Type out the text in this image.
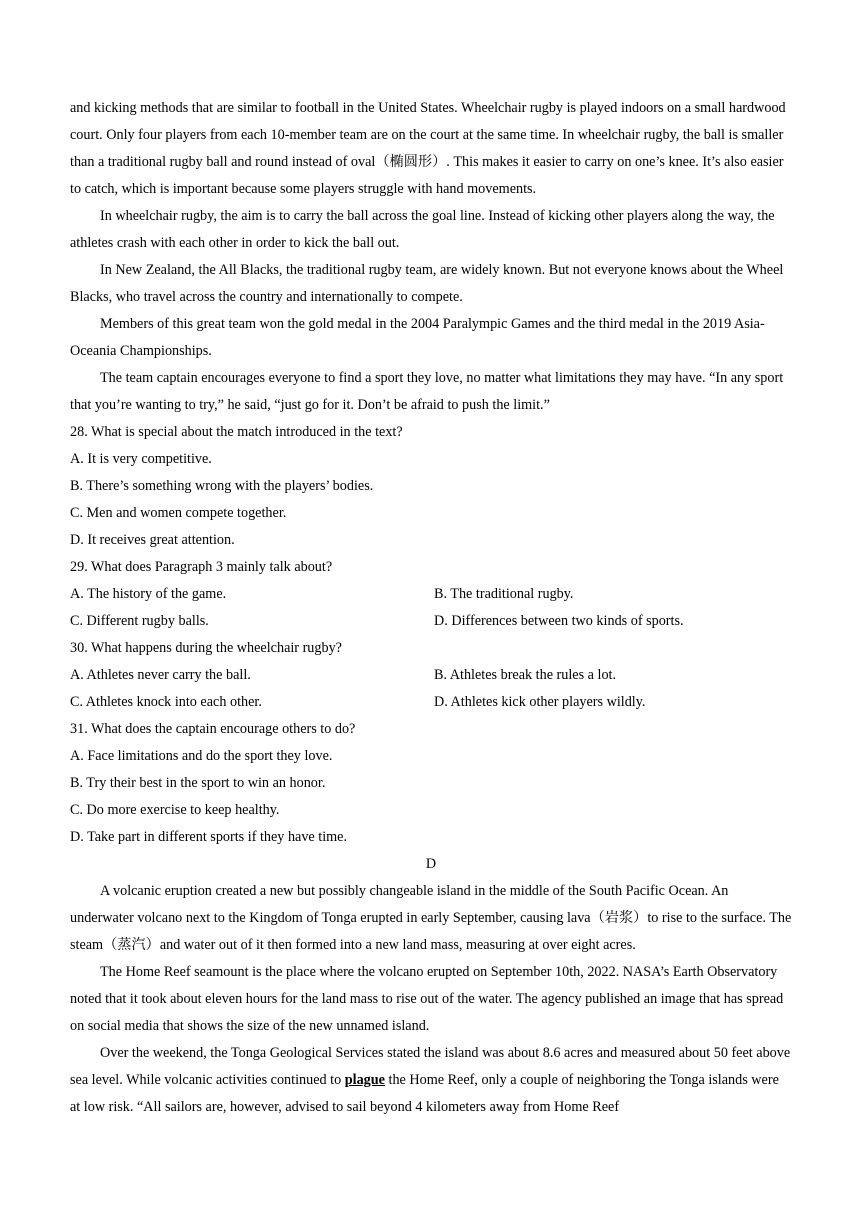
and kicking methods that are similar to football in the United States. Wheelchair rugby is played indoors on a small hardwood court. Only four players from each 10-member team are on the court at the same time. In wheelchair rugby, the ball is smaller than a traditional rugby ball and round instead of oval（椭圆形）. This makes it easier to carry on one’s knee. It’s also easier to catch, which is important because some players struggle with hand movements.

In wheelchair rugby, the aim is to carry the ball across the goal line. Instead of kicking other players along the way, the athletes crash with each other in order to kick the ball out.

In New Zealand, the All Blacks, the traditional rugby team, are widely known. But not everyone knows about the Wheel Blacks, who travel across the country and internationally to compete.

Members of this great team won the gold medal in the 2004 Paralympic Games and the third medal in the 2019 Asia-Oceania Championships.

The team captain encourages everyone to find a sport they love, no matter what limitations they may have. “In any sport that you’re wanting to try,” he said, “just go for it. Don’t be afraid to push the limit.”

28. What is special about the match introduced in the text?

A. It is very competitive.

B. There’s something wrong with the players’ bodies.

C. Men and women compete together.

D. It receives great attention.

29. What does Paragraph 3 mainly talk about?

A. The history of the game.	B. The traditional rugby.
C. Different rugby balls.	D. Differences between two kinds of sports.

30. What happens during the wheelchair rugby?

A. Athletes never carry the ball.	B. Athletes break the rules a lot.
C. Athletes knock into each other.	D. Athletes kick other players wildly.

31. What does the captain encourage others to do?

A. Face limitations and do the sport they love.

B. Try their best in the sport to win an honor.

C. Do more exercise to keep healthy.

D. Take part in different sports if they have time.

D

A volcanic eruption created a new but possibly changeable island in the middle of the South Pacific Ocean. An underwater volcano next to the Kingdom of Tonga erupted in early September, causing lava（岩浆）to rise to the surface. The steam（蒸汽）and water out of it then formed into a new land mass, measuring at over eight acres.

The Home Reef seamount is the place where the volcano erupted on September 10th, 2022. NASA’s Earth Observatory noted that it took about eleven hours for the land mass to rise out of the water. The agency published an image that has spread on social media that shows the size of the new unnamed island.

Over the weekend, the Tonga Geological Services stated the island was about 8.6 acres and measured about 50 feet above sea level. While volcanic activities continued to plague the Home Reef, only a couple of neighboring the Tonga islands were at low risk. “All sailors are, however, advised to sail beyond 4 kilometers away from Home Reef
